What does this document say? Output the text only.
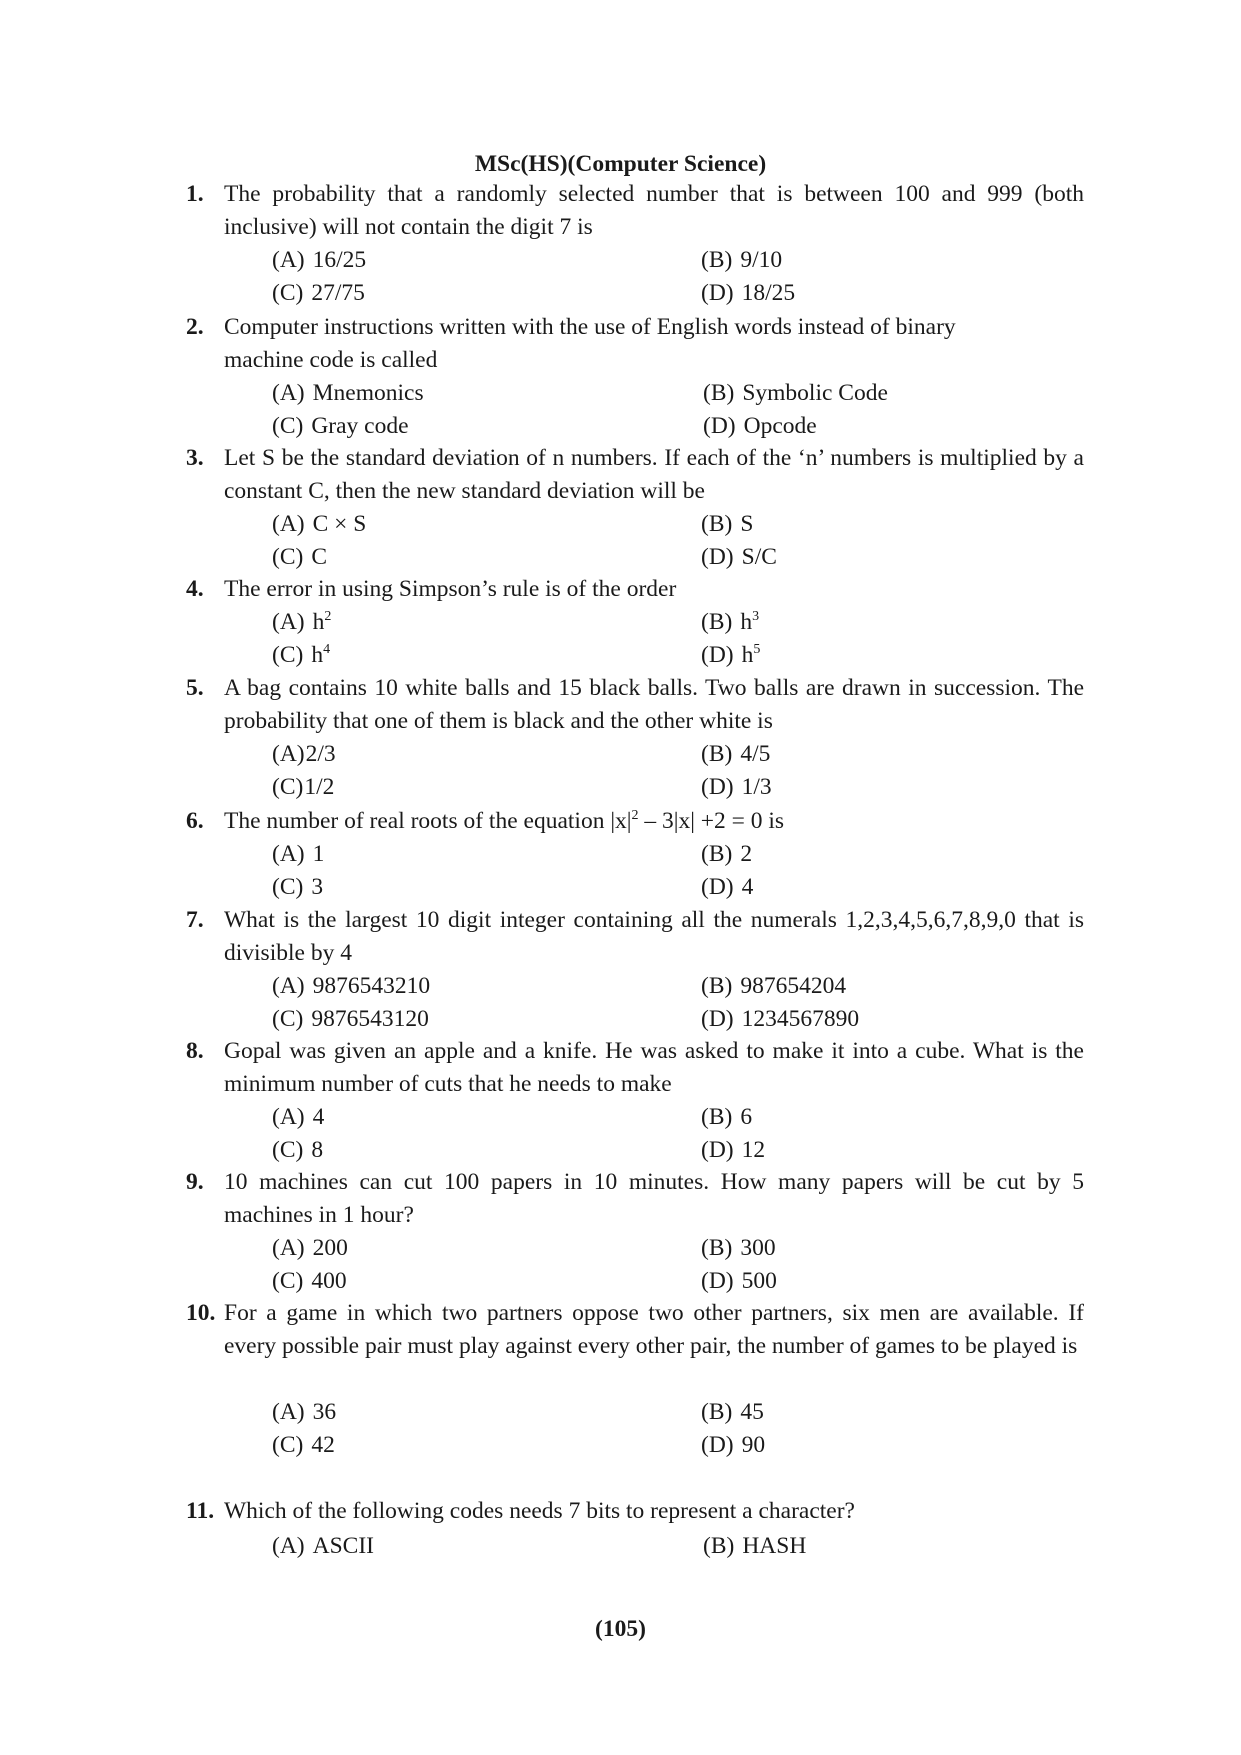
MSc(HS)(Computer Science)
1. The probability that a randomly selected number that is between 100 and 999 (both inclusive) will not contain the digit 7 is
(A) 16/25	(B) 9/10
(C) 27/75	(D) 18/25
2. Computer instructions written with the use of English words instead of binary machine code is called
(A) Mnemonics	(B) Symbolic Code
(C) Gray code	(D) Opcode
3. Let S be the standard deviation of n numbers. If each of the ‘n’ numbers is multiplied by a constant C, then the new standard deviation will be
(A) C × S	(B) S
(C) C	(D) S/C
4. The error in using Simpson’s rule is of the order
(A) $h^2$	(B) $h^3$
(C) $h^4$	(D) $h^5$
5. A bag contains 10 white balls and 15 black balls. Two balls are drawn in succession. The probability that one of them is black and the other white is
(A)2/3	(B) 4/5
(C)1/2	(D) 1/3
6. The number of real roots of the equation $|x|^2 - 3|x| +2 = 0$ is
(A) 1	(B) 2
(C) 3	(D) 4
7. What is the largest 10 digit integer containing all the numerals 1,2,3,4,5,6,7,8,9,0 that is divisible by 4
(A) 9876543210	(B) 987654204
(C) 9876543120	(D) 1234567890
8. Gopal was given an apple and a knife. He was asked to make it into a cube. What is the minimum number of cuts that he needs to make
(A) 4	(B) 6
(C) 8	(D) 12
9. 10 machines can cut 100 papers in 10 minutes. How many papers will be cut by 5 machines in 1 hour?
(A) 200	(B) 300
(C) 400	(D) 500
10. For a game in which two partners oppose two other partners, six men are available. If every possible pair must play against every other pair, the number of games to be played is
(A) 36	(B) 45
(C) 42	(D) 90
11. Which of the following codes needs 7 bits to represent a character?
(A) ASCII	(B) HASH
(105)
